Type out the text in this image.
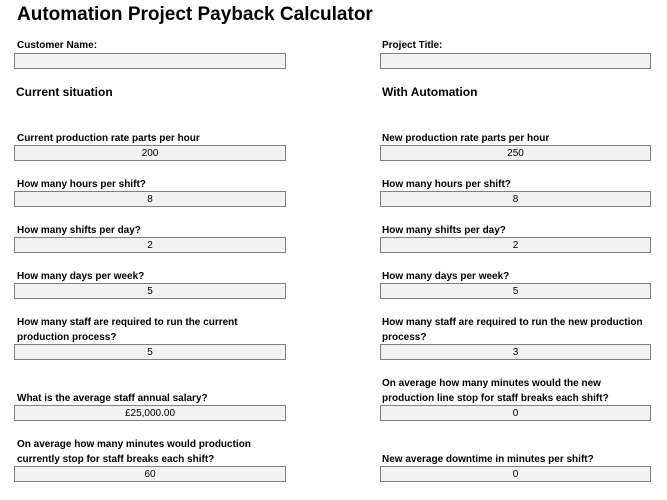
Automation Project Payback Calculator
Customer Name:	Project Title:
Current situation	With Automation
Current production rate parts per hour
200
How many hours per shift?
8
How many shifts per day?
2
How many days per week?
5
How many staff are required to run the current production process?
5
What is the average staff annual salary?
£25,000.00
On average how many minutes would production currently stop for staff breaks each shift?
60
New production rate parts per hour
250
How many hours per shift?
8
How many shifts per day?
2
How many days per week?
5
How many staff are required to run the new production process?
3
On average how many minutes would the new production line stop for staff breaks each shift?
0
New average downtime in minutes per shift?
0
